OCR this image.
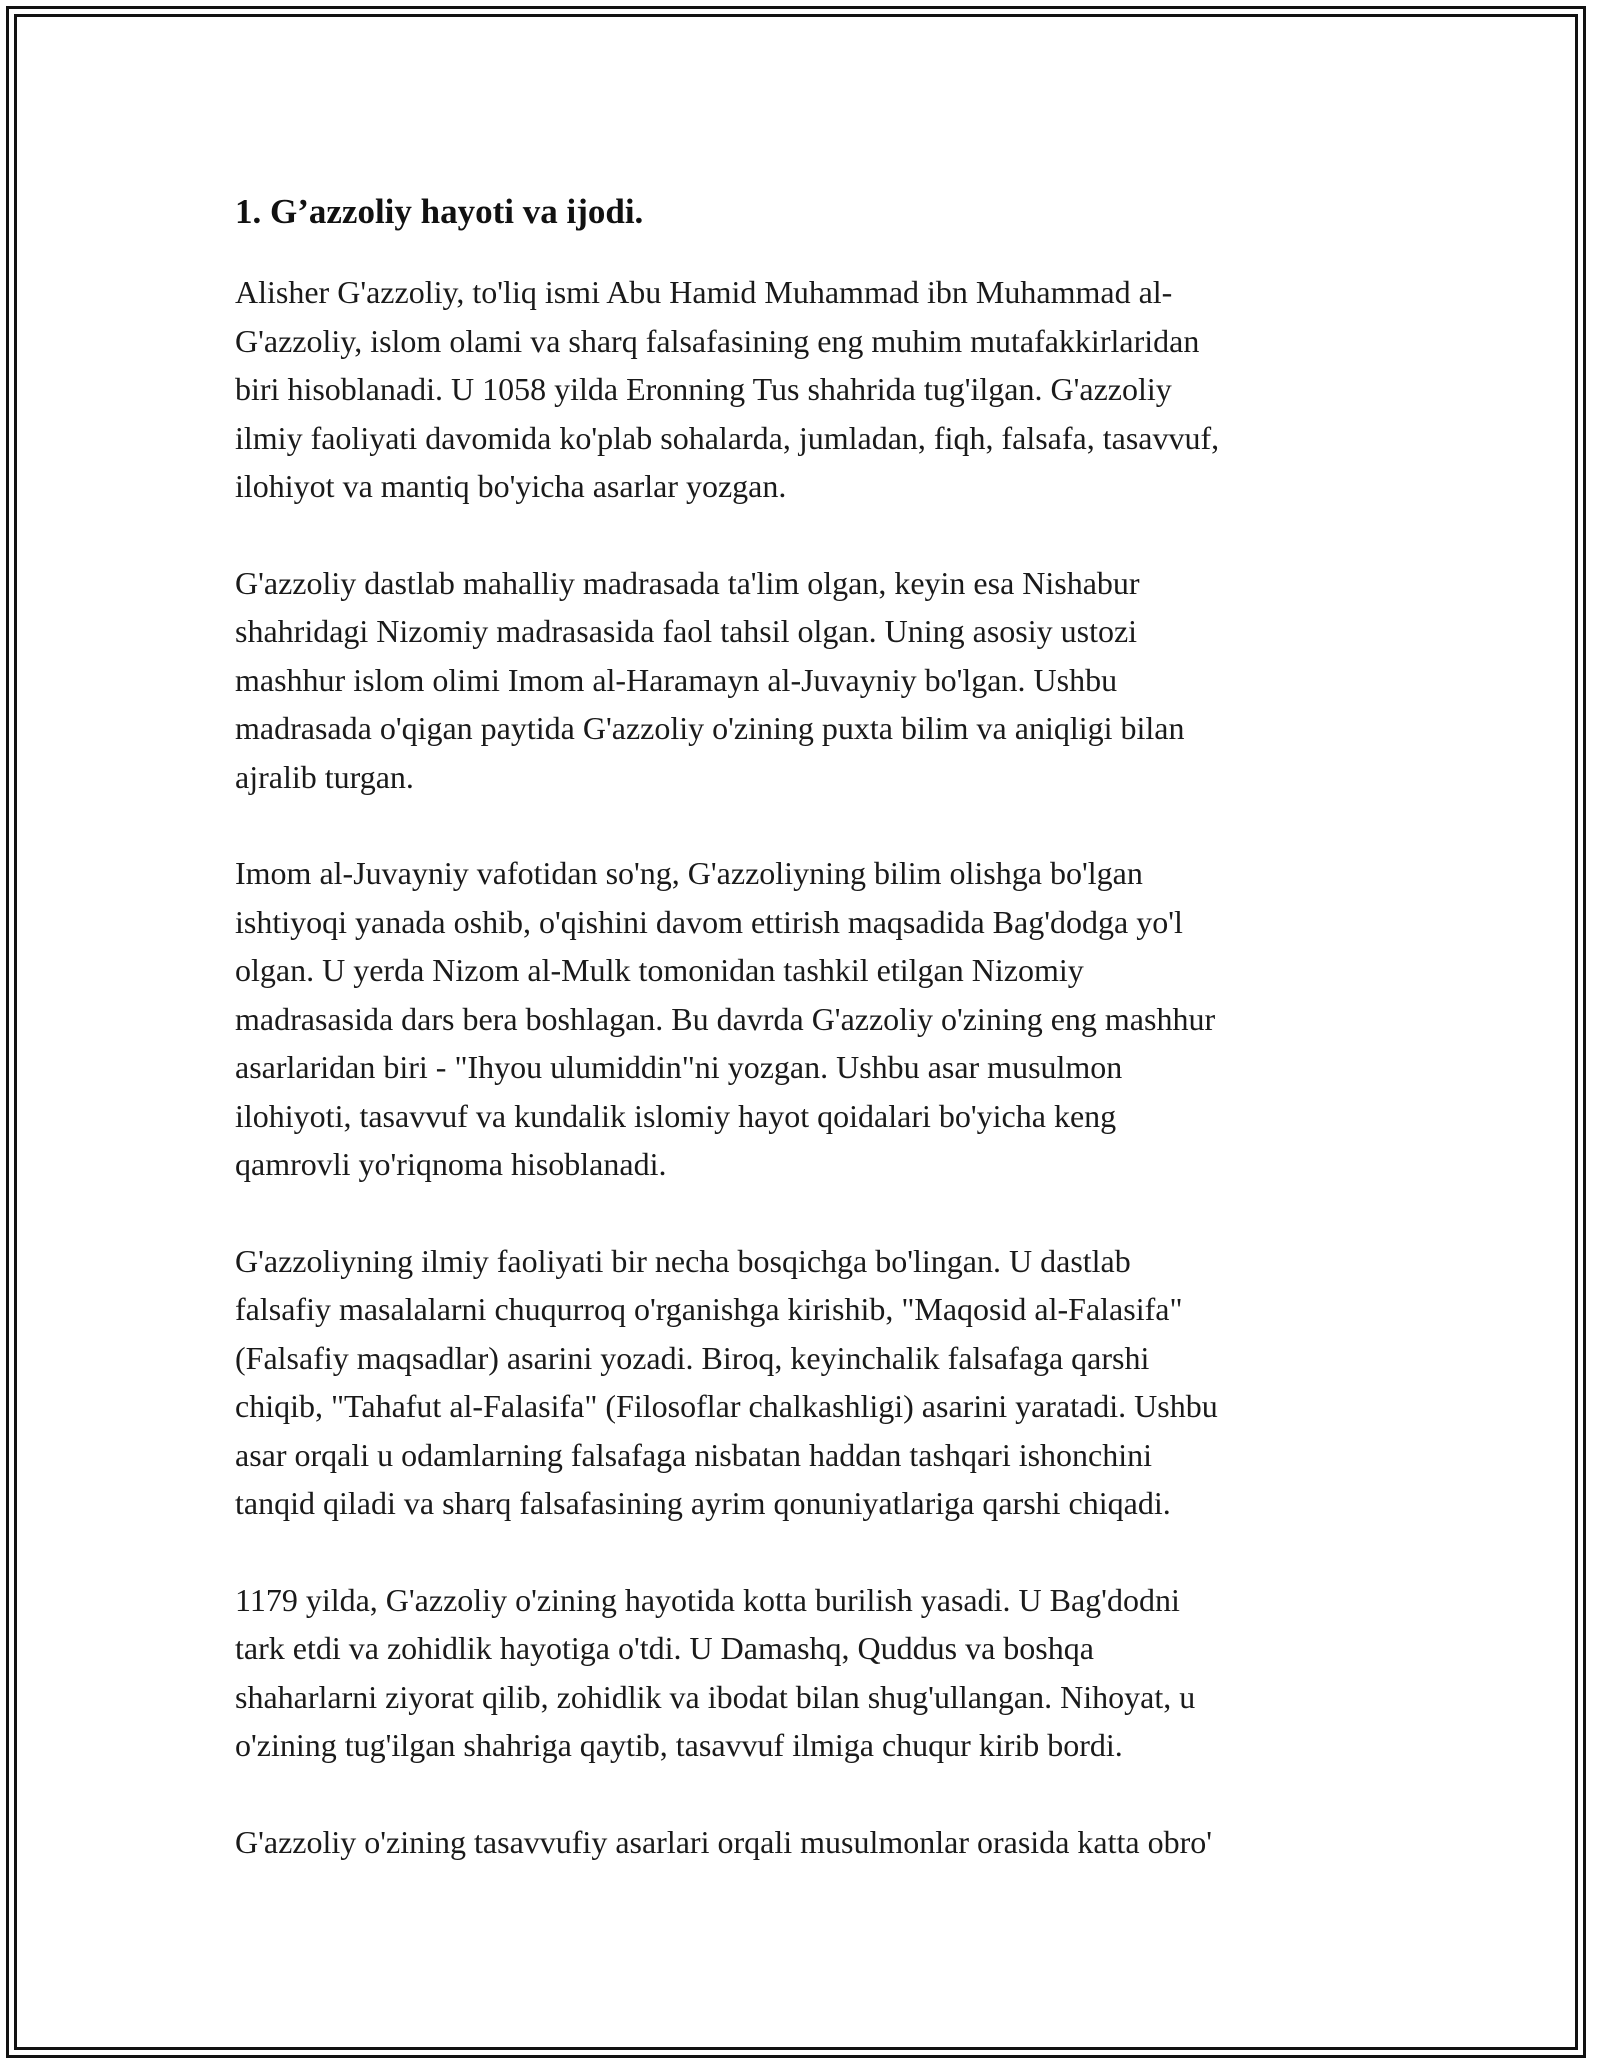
1. G’azzoliy hayoti va ijodi.
Alisher G'azzoliy, to'liq ismi Abu Hamid Muhammad ibn Muhammad al-
G'azzoliy, islom olami va sharq falsafasining eng muhim mutafakkirlaridan
biri hisoblanadi. U 1058 yilda Eronning Tus shahrida tug'ilgan. G'azzoliy
ilmiy faoliyati davomida ko'plab sohalarda, jumladan, fiqh, falsafa, tasavvuf,
ilohiyot va mantiq bo'yicha asarlar yozgan.
G'azzoliy dastlab mahalliy madrasada ta'lim olgan, keyin esa Nishabur
shahridagi Nizomiy madrasasida faol tahsil olgan. Uning asosiy ustozi
mashhur islom olimi Imom al-Haramayn al-Juvayniy bo'lgan. Ushbu
madrasada o'qigan paytida G'azzoliy o'zining puxta bilim va aniqligi bilan
ajralib turgan.
Imom al-Juvayniy vafotidan so'ng, G'azzoliyning bilim olishga bo'lgan
ishtiyoqi yanada oshib, o'qishini davom ettirish maqsadida Bag'dodga yo'l
olgan. U yerda Nizom al-Mulk tomonidan tashkil etilgan Nizomiy
madrasasida dars bera boshlagan. Bu davrda G'azzoliy o'zining eng mashhur
asarlaridan biri - "Ihyou ulumiddin"ni yozgan. Ushbu asar musulmon
ilohiyoti, tasavvuf va kundalik islomiy hayot qoidalari bo'yicha keng
qamrovli yo'riqnoma hisoblanadi.
G'azzoliyning ilmiy faoliyati bir necha bosqichga bo'lingan. U dastlab
falsafiy masalalarni chuqurroq o'rganishga kirishib, "Maqosid al-Falasifa"
(Falsafiy maqsadlar) asarini yozadi. Biroq, keyinchalik falsafaga qarshi
chiqib, "Tahafut al-Falasifa" (Filosoflar chalkashligi) asarini yaratadi. Ushbu
asar orqali u odamlarning falsafaga nisbatan haddan tashqari ishonchini
tanqid qiladi va sharq falsafasining ayrim qonuniyatlariga qarshi chiqadi.
1179 yilda, G'azzoliy o'zining hayotida kotta burilish yasadi. U Bag'dodni
tark etdi va zohidlik hayotiga o'tdi. U Damashq, Quddus va boshqa
shaharlarni ziyorat qilib, zohidlik va ibodat bilan shug'ullangan. Nihoyat, u
o'zining tug'ilgan shahriga qaytib, tasavvuf ilmiga chuqur kirib bordi.
G'azzoliy o'zining tasavvufiy asarlari orqali musulmonlar orasida katta obro'
